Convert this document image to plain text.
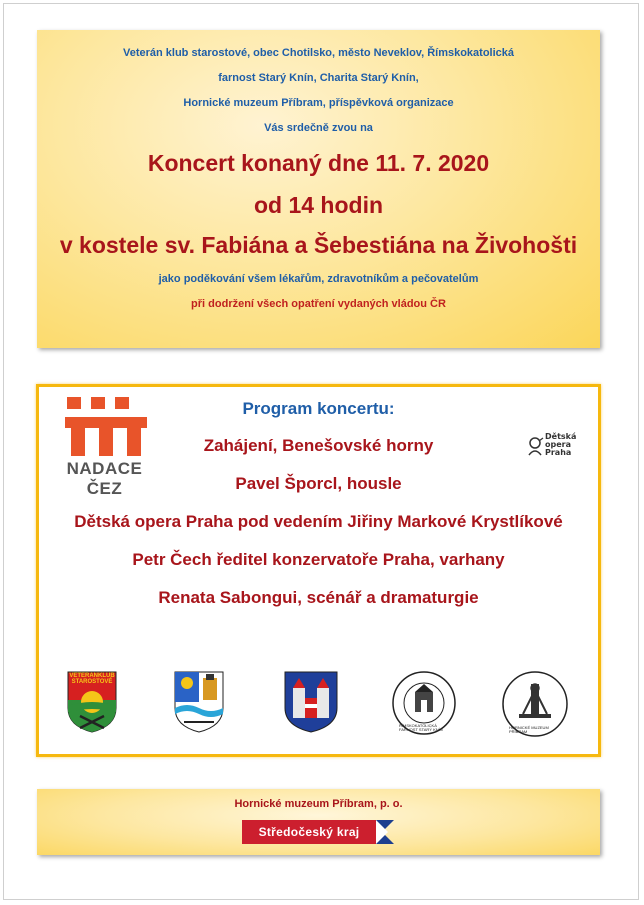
Veterán klub starostové, obec Chotilsko, město Neveklov, Římskokatolická
farnost Starý Knín, Charita Starý Knín,
Hornické muzeum Příbram, příspěvková organizace
Vás srdečně zvou na
Koncert konaný dne 11. 7. 2020
od 14 hodin
v kostele sv. Fabiána a Šebestiána na Živohošti
jako poděkování všem lékařům, zdravotníkům a pečovatelům
při dodržení všech opatření vydaných vládou ČR
NADACE ČEZ
Dětská
opera
Praha
Program koncertu:
Zahájení, Benešovské horny
Pavel Šporcl, housle
Dětská opera Praha pod vedením Jiřiny Markové Krystlíkové
Petr Čech ředitel konzervatoře Praha, varhany
Renata Sabongui, scénář a dramaturgie
VETERANKLUB
STAROSTOVÉ
ŘÍMSKOKATOLICKÁ FARNOST STARÝ KNÍN	HORNICKÉ MUZEUM PŘÍBRAM
Hornické muzeum Příbram, p. o.
Středočeský kraj
